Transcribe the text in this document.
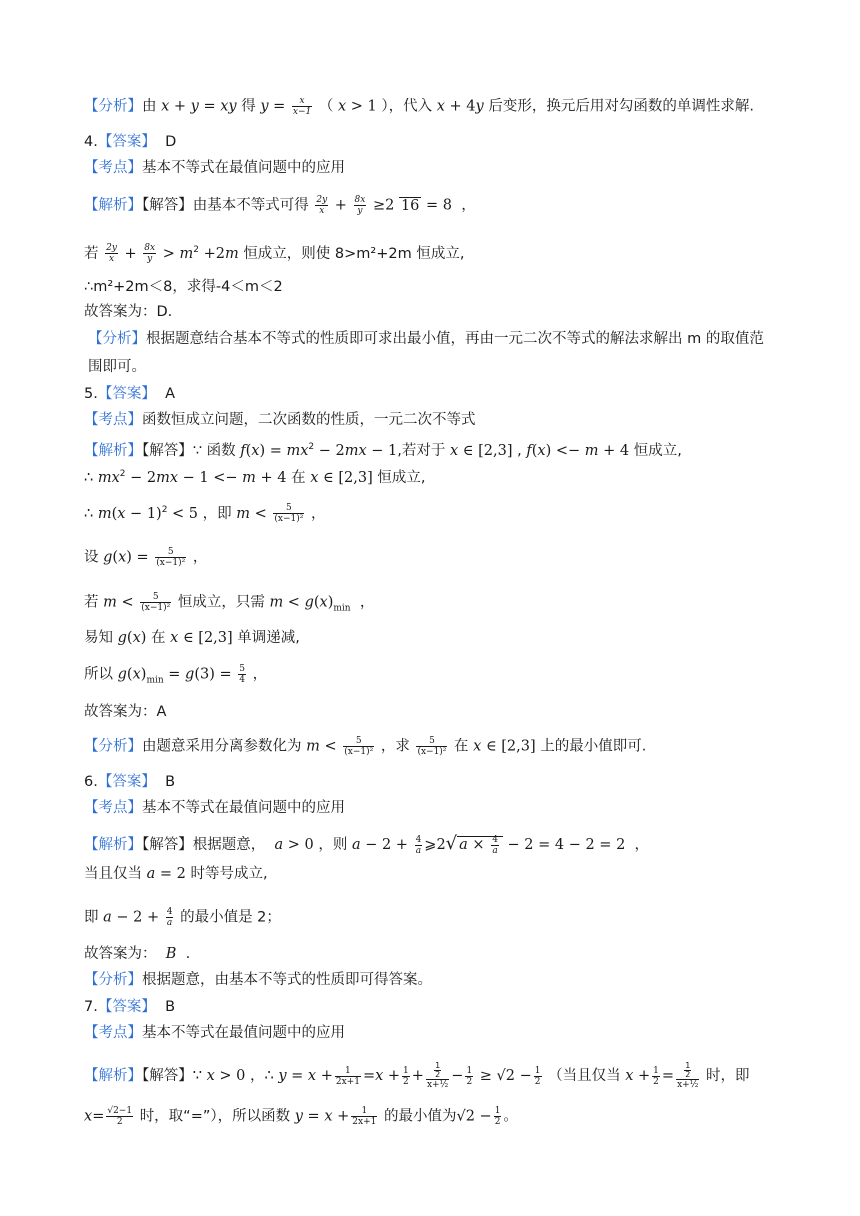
【分析】由 x + y = xy 得 $y = \frac{x}{x-1}$ （ x > 1 ），代入 x + 4y 后变形，换元后用对勾函数的单调性求解.
4.【答案】 D
【考点】基本不等式在最值问题中的应用
【解析】【解答】由基本不等式可得 $\frac{2y}{x} + \frac{8x}{y} \ge 2$ 16 = 8  ，
若 $\frac{2y}{x} + \frac{8x}{y} > m^2 +2m$ 恒成立，则使 8>m²+2m 恒成立,
∴m²+2m＜8，求得-4＜m＜2
故答案为：D.
【分析】根据题意结合基本不等式的性质即可求出最小值，再由一元二次不等式的解法求解出 m 的取值范围即可。
5.【答案】 A
【考点】函数恒成立问题，二次函数的性质，一元二次不等式
【解析】【解答】∵ 函数 $f(x) = mx^2 - 2mx - 1$,若对于 x ∈ [2,3] , f(x) <− m + 4 恒成立,
∴ $mx^2 - 2mx - 1 <- m + 4$ 在 x ∈ [2,3] 恒成立,
∴ $m(x - 1)^2 < 5$ ，即 $m < \frac{5}{\text{(x−1)²}}$ ，
设 $g(x) = \frac{5}{\text{(x−1)²}}$ ，
若 $m < \frac{5}{\text{(x−1)²}}$ 恒成立，只需 $m < g(x)_{min}$  ，
易知 g(x) 在 x ∈ [2,3] 单调递减,
所以 $g(x)_{min} = g(3) = \frac{5}{4}$ ，
故答案为：A
【分析】由题意采用分离参数化为 $m < \frac{5}{\text{(x−1)²}}$ ，求 $\frac{5}{\text{(x−1)²}}$ 在 x ∈ [2,3] 上的最小值即可.
6.【答案】 B
【考点】基本不等式在最值问题中的应用
【解析】【解答】根据题意， a > 0 ，则 $a - 2 + \frac{4}{a}$ ⩾2√ $a \times \frac{4}{a} - 2 = 4 - 2 = 2$  ，
当且仅当 a = 2 时等号成立,
即 $a - 2 + \frac{4}{a}$ 的最小值是 2；
故答案为： B  .
【分析】根据题意，由基本不等式的性质即可得答案。
7.【答案】 B
【考点】基本不等式在最值问题中的应用
【解析】【解答】∵ x > 0 ，∴ $y = x + \frac{1}{2x+1} =x + \frac{1}{2} + \frac{\frac{1}{2}}{\text{x+½}} - \frac{1}{2} \ge √2 - \frac{1}{2}$ （当且仅当 $x + \frac{1}{2} = \frac{\frac{1}{2}}{\text{x+½}}$ 时，即
$x= \frac{√2-1}{2}$ 时，取“=”），所以函数 $y = x + \frac{1}{2x+1}$ 的最小值为$√2 - \frac{1}{2}$ 。
